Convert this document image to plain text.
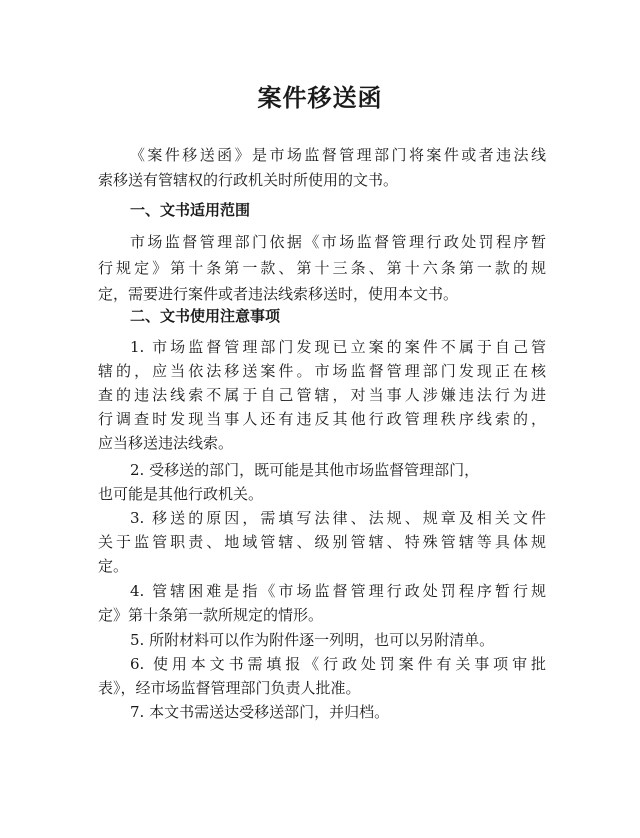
案件移送函
《案件移送函》是市场监督管理部门将案件或者违法线
索移送有管辖权的行政机关时所使用的文书。
一、文书适用范围
市场监督管理部门依据《市场监督管理行政处罚程序暂
行规定》第十条第一款、第十三条、第十六条第一款的规
定，需要进行案件或者违法线索移送时，使用本文书。
二、文书使用注意事项
1. 市场监督管理部门发现已立案的案件不属于自己管
辖的，应当依法移送案件。市场监督管理部门发现正在核
查的违法线索不属于自己管辖，对当事人涉嫌违法行为进
行调查时发现当事人还有违反其他行政管理秩序线索的，
应当移送违法线索。
2. 受移送的部门，既可能是其他市场监督管理部门，
也可能是其他行政机关。
3. 移送的原因，需填写法律、法规、规章及相关文件
关于监管职责、地域管辖、级别管辖、特殊管辖等具体规
定。
4. 管辖困难是指《市场监督管理行政处罚程序暂行规
定》第十条第一款所规定的情形。
5. 所附材料可以作为附件逐一列明，也可以另附清单。
6. 使用本文书需填报《行政处罚案件有关事项审批
表》，经市场监督管理部门负责人批准。
7. 本文书需送达受移送部门，并归档。
